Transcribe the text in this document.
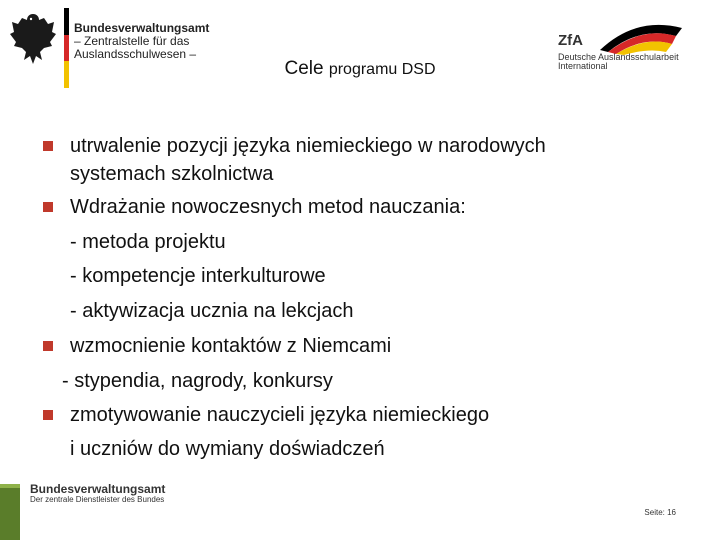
Bundesverwaltungsamt
– Zentralstelle für das
Auslandsschulwesen –
ZfA
Deutsche Auslandsschularbeit
International
Cele programu DSD
utrwalenie pozycji języka niemieckiego w narodowych
systemach szkolnictwa
Wdrażanie nowoczesnych metod nauczania:
- metoda projektu
- kompetencje interkulturowe
- aktywizacja ucznia na lekcjach
wzmocnienie kontaktów z Niemcami
- stypendia, nagrody, konkursy
zmotywowanie nauczycieli języka niemieckiego
i uczniów do wymiany doświadczeń
Bundesverwaltungsamt
Der zentrale Dienstleister des Bundes
Seite: 16
